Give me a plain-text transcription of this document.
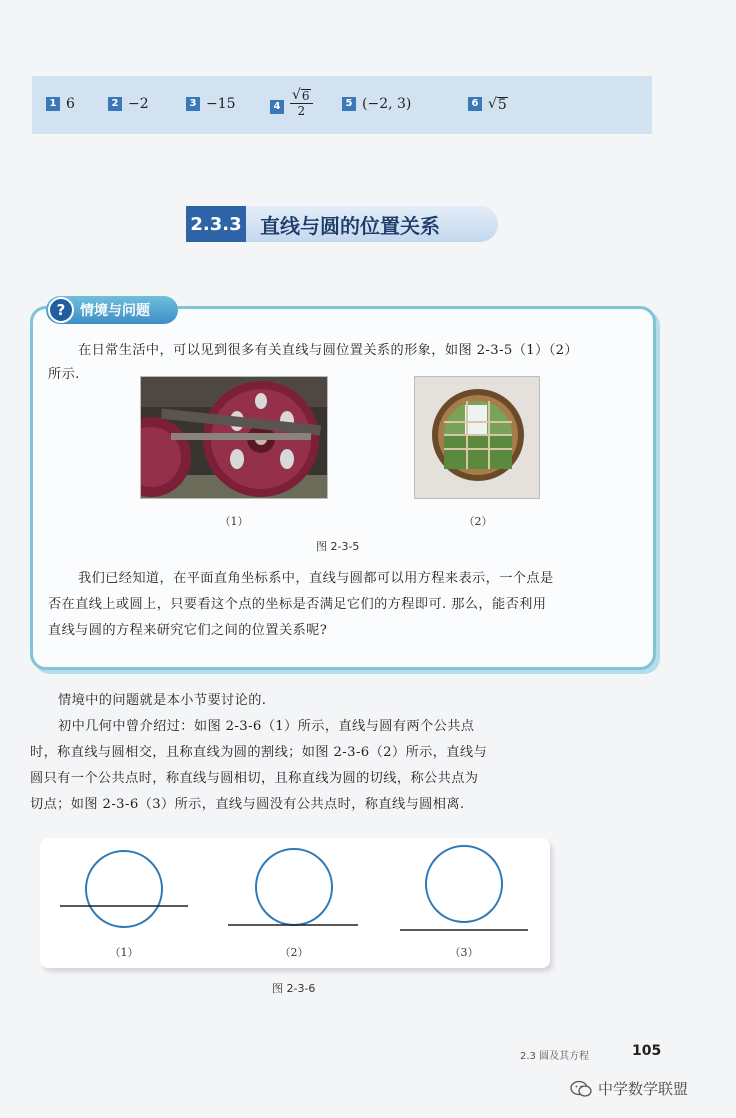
1 6	2 −2	3 −15	$4 \frac{√ 6}{2}$	5 (−2, 3)	6 √ 5
2.3.3 直线与圆的位置关系
?	情境与问题
在日常生活中，可以见到很多有关直线与圆位置关系的形象，如图 2-3-5（1）（2）
所示.
（1）	（2）
图 2-3-5
我们已经知道，在平面直角坐标系中，直线与圆都可以用方程来表示，一个点是
否在直线上或圆上，只要看这个点的坐标是否满足它们的方程即可. 那么，能否利用
直线与圆的方程来研究它们之间的位置关系呢?
情境中的问题就是本小节要讨论的.
初中几何中曾介绍过：如图 2-3-6（1）所示，直线与圆有两个公共点
时，称直线与圆相交，且称直线为圆的割线；如图 2-3-6（2）所示，直线与
圆只有一个公共点时，称直线与圆相切，且称直线为圆的切线，称公共点为
切点；如图 2-3-6（3）所示，直线与圆没有公共点时，称直线与圆相离.
（1）	（2）	（3）
图 2-3-6
2.3 圆及其方程	105
中学数学联盟
